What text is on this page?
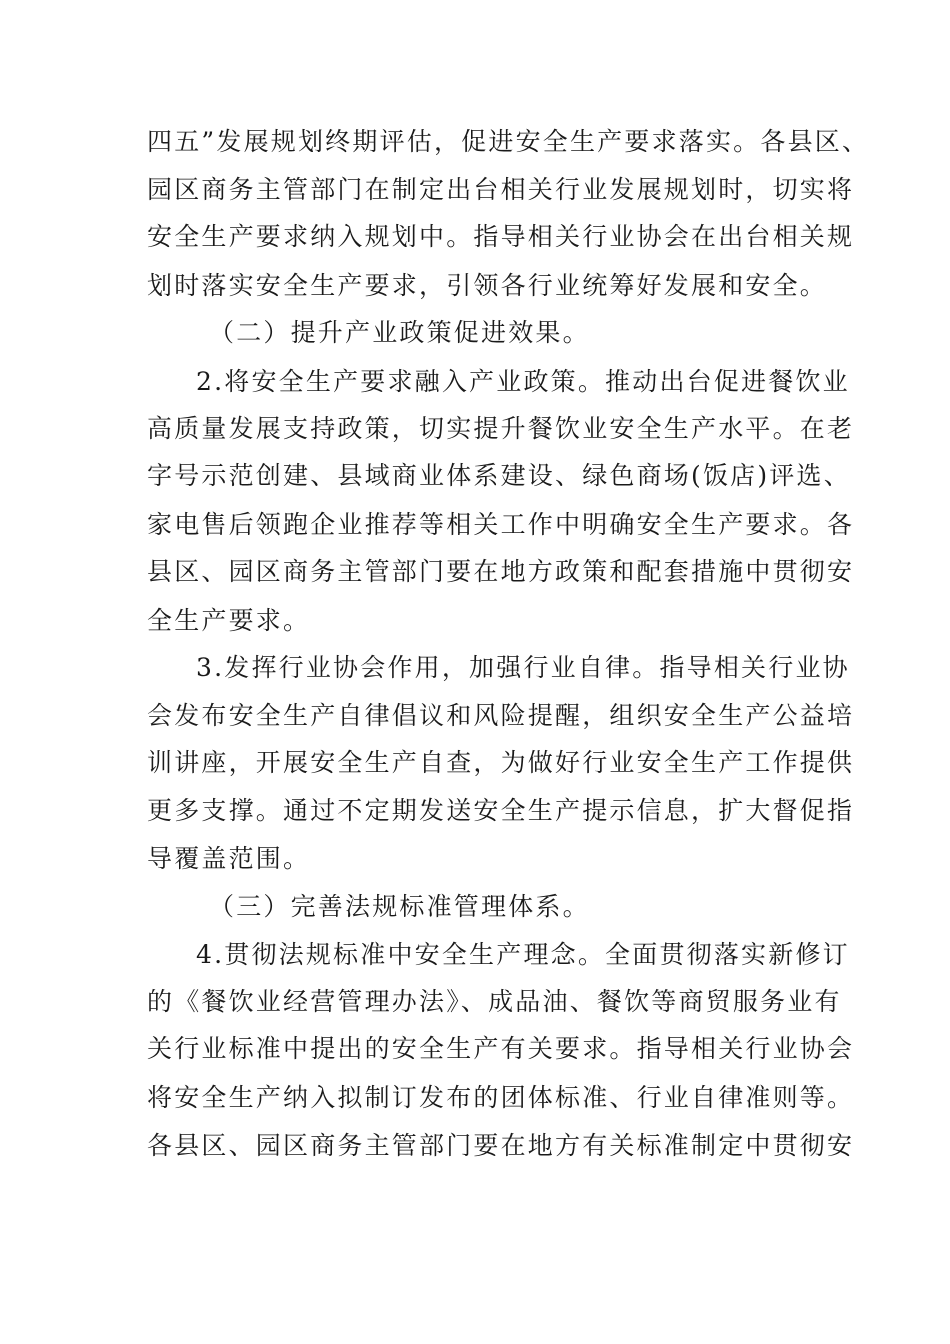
四五”发展规划终期评估，促进安全生产要求落实。各县区、
园区商务主管部门在制定出台相关行业发展规划时，切实将
安全生产要求纳入规划中。指导相关行业协会在出台相关规
划时落实安全生产要求，引领各行业统筹好发展和安全。
（二）提升产业政策促进效果。
2.将安全生产要求融入产业政策。推动出台促进餐饮业
高质量发展支持政策，切实提升餐饮业安全生产水平。在老
字号示范创建、县域商业体系建设、绿色商场(饭店)评选、
家电售后领跑企业推荐等相关工作中明确安全生产要求。各
县区、园区商务主管部门要在地方政策和配套措施中贯彻安
全生产要求。
3.发挥行业协会作用，加强行业自律。指导相关行业协
会发布安全生产自律倡议和风险提醒，组织安全生产公益培
训讲座，开展安全生产自查，为做好行业安全生产工作提供
更多支撑。通过不定期发送安全生产提示信息，扩大督促指
导覆盖范围。
（三）完善法规标准管理体系。
4.贯彻法规标准中安全生产理念。全面贯彻落实新修订
的《餐饮业经营管理办法》、成品油、餐饮等商贸服务业有
关行业标准中提出的安全生产有关要求。指导相关行业协会
将安全生产纳入拟制订发布的团体标准、行业自律准则等。
各县区、园区商务主管部门要在地方有关标准制定中贯彻安
